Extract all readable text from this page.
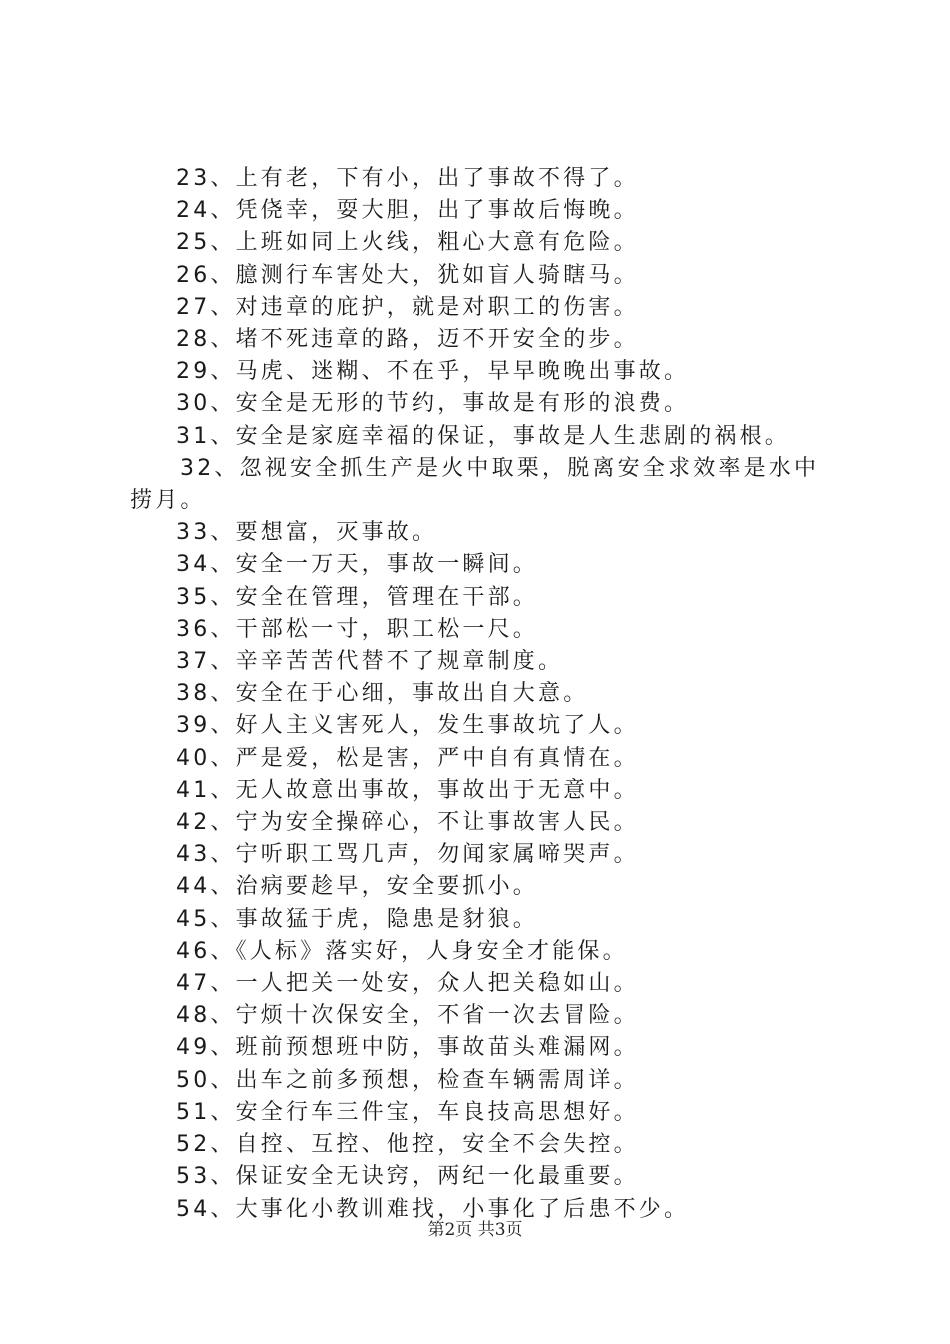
23、上有老，下有小，出了事故不得了。
24、凭侥幸，耍大胆，出了事故后悔晚。
25、上班如同上火线，粗心大意有危险。
26、臆测行车害处大，犹如盲人骑瞎马。
27、对违章的庇护，就是对职工的伤害。
28、堵不死违章的路，迈不开安全的步。
29、马虎、迷糊、不在乎，早早晚晚出事故。
30、安全是无形的节约，事故是有形的浪费。
31、安全是家庭幸福的保证，事故是人生悲剧的祸根。
32、忽视安全抓生产是火中取栗，脱离安全求效率是水中捞月。
33、要想富，灭事故。
34、安全一万天，事故一瞬间。
35、安全在管理，管理在干部。
36、干部松一寸，职工松一尺。
37、辛辛苦苦代替不了规章制度。
38、安全在于心细，事故出自大意。
39、好人主义害死人，发生事故坑了人。
40、严是爱，松是害，严中自有真情在。
41、无人故意出事故，事故出于无意中。
42、宁为安全操碎心，不让事故害人民。
43、宁听职工骂几声，勿闻家属啼哭声。
44、治病要趁早，安全要抓小。
45、事故猛于虎，隐患是豺狼。
46、《人标》落实好，人身安全才能保。
47、一人把关一处安，众人把关稳如山。
48、宁烦十次保安全，不省一次去冒险。
49、班前预想班中防，事故苗头难漏网。
50、出车之前多预想，检查车辆需周详。
51、安全行车三件宝，车良技高思想好。
52、自控、互控、他控，安全不会失控。
53、保证安全无诀窍，两纪一化最重要。
54、大事化小教训难找，小事化了后患不少。
第2页 共3页
